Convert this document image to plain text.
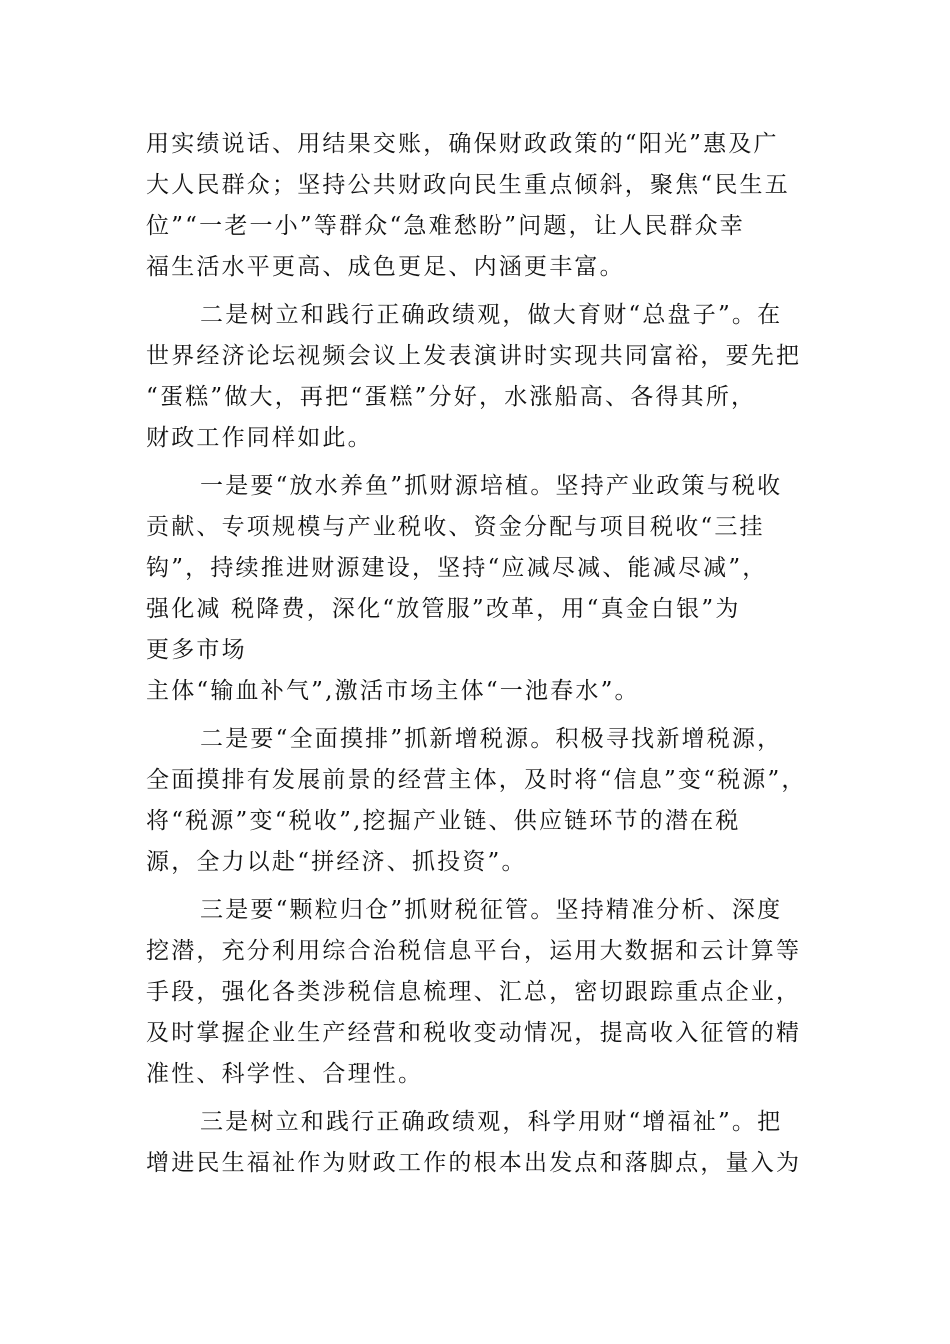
用实绩说话、用结果交账，确保财政政策的“阳光”惠及广
大人民群众；坚持公共财政向民生重点倾斜，聚焦“民生五
位”“一老一小”等群众“急难愁盼”问题，让人民群众幸
福生活水平更高、成色更足、内涵更丰富。
二是树立和践行正确政绩观，做大育财“总盘子”。在
世界经济论坛视频会议上发表演讲时实现共同富裕，要先把
“蛋糕”做大，再把“蛋糕”分好，水涨船高、各得其所，
财政工作同样如此。
一是要“放水养鱼”抓财源培植。坚持产业政策与税收
贡献、专项规模与产业税收、资金分配与项目税收“三挂
钩”，持续推进财源建设，坚持“应减尽减、能减尽减”，
强化减 税降费，深化“放管服”改革，用“真金白银”为
更多市场
主体“输血补气”,激活市场主体“一池春水”。
二是要“全面摸排”抓新增税源。积极寻找新增税源，
全面摸排有发展前景的经营主体，及时将“信息”变“税源”，
将“税源”变“税收”,挖掘产业链、供应链环节的潜在税
源，全力以赴“拼经济、抓投资”。
三是要“颗粒归仓”抓财税征管。坚持精准分析、深度
挖潜，充分利用综合治税信息平台，运用大数据和云计算等
手段，强化各类涉税信息梳理、汇总，密切跟踪重点企业，
及时掌握企业生产经营和税收变动情况，提高收入征管的精
准性、科学性、合理性。
三是树立和践行正确政绩观，科学用财“增福祉”。把
增进民生福祉作为财政工作的根本出发点和落脚点，量入为
